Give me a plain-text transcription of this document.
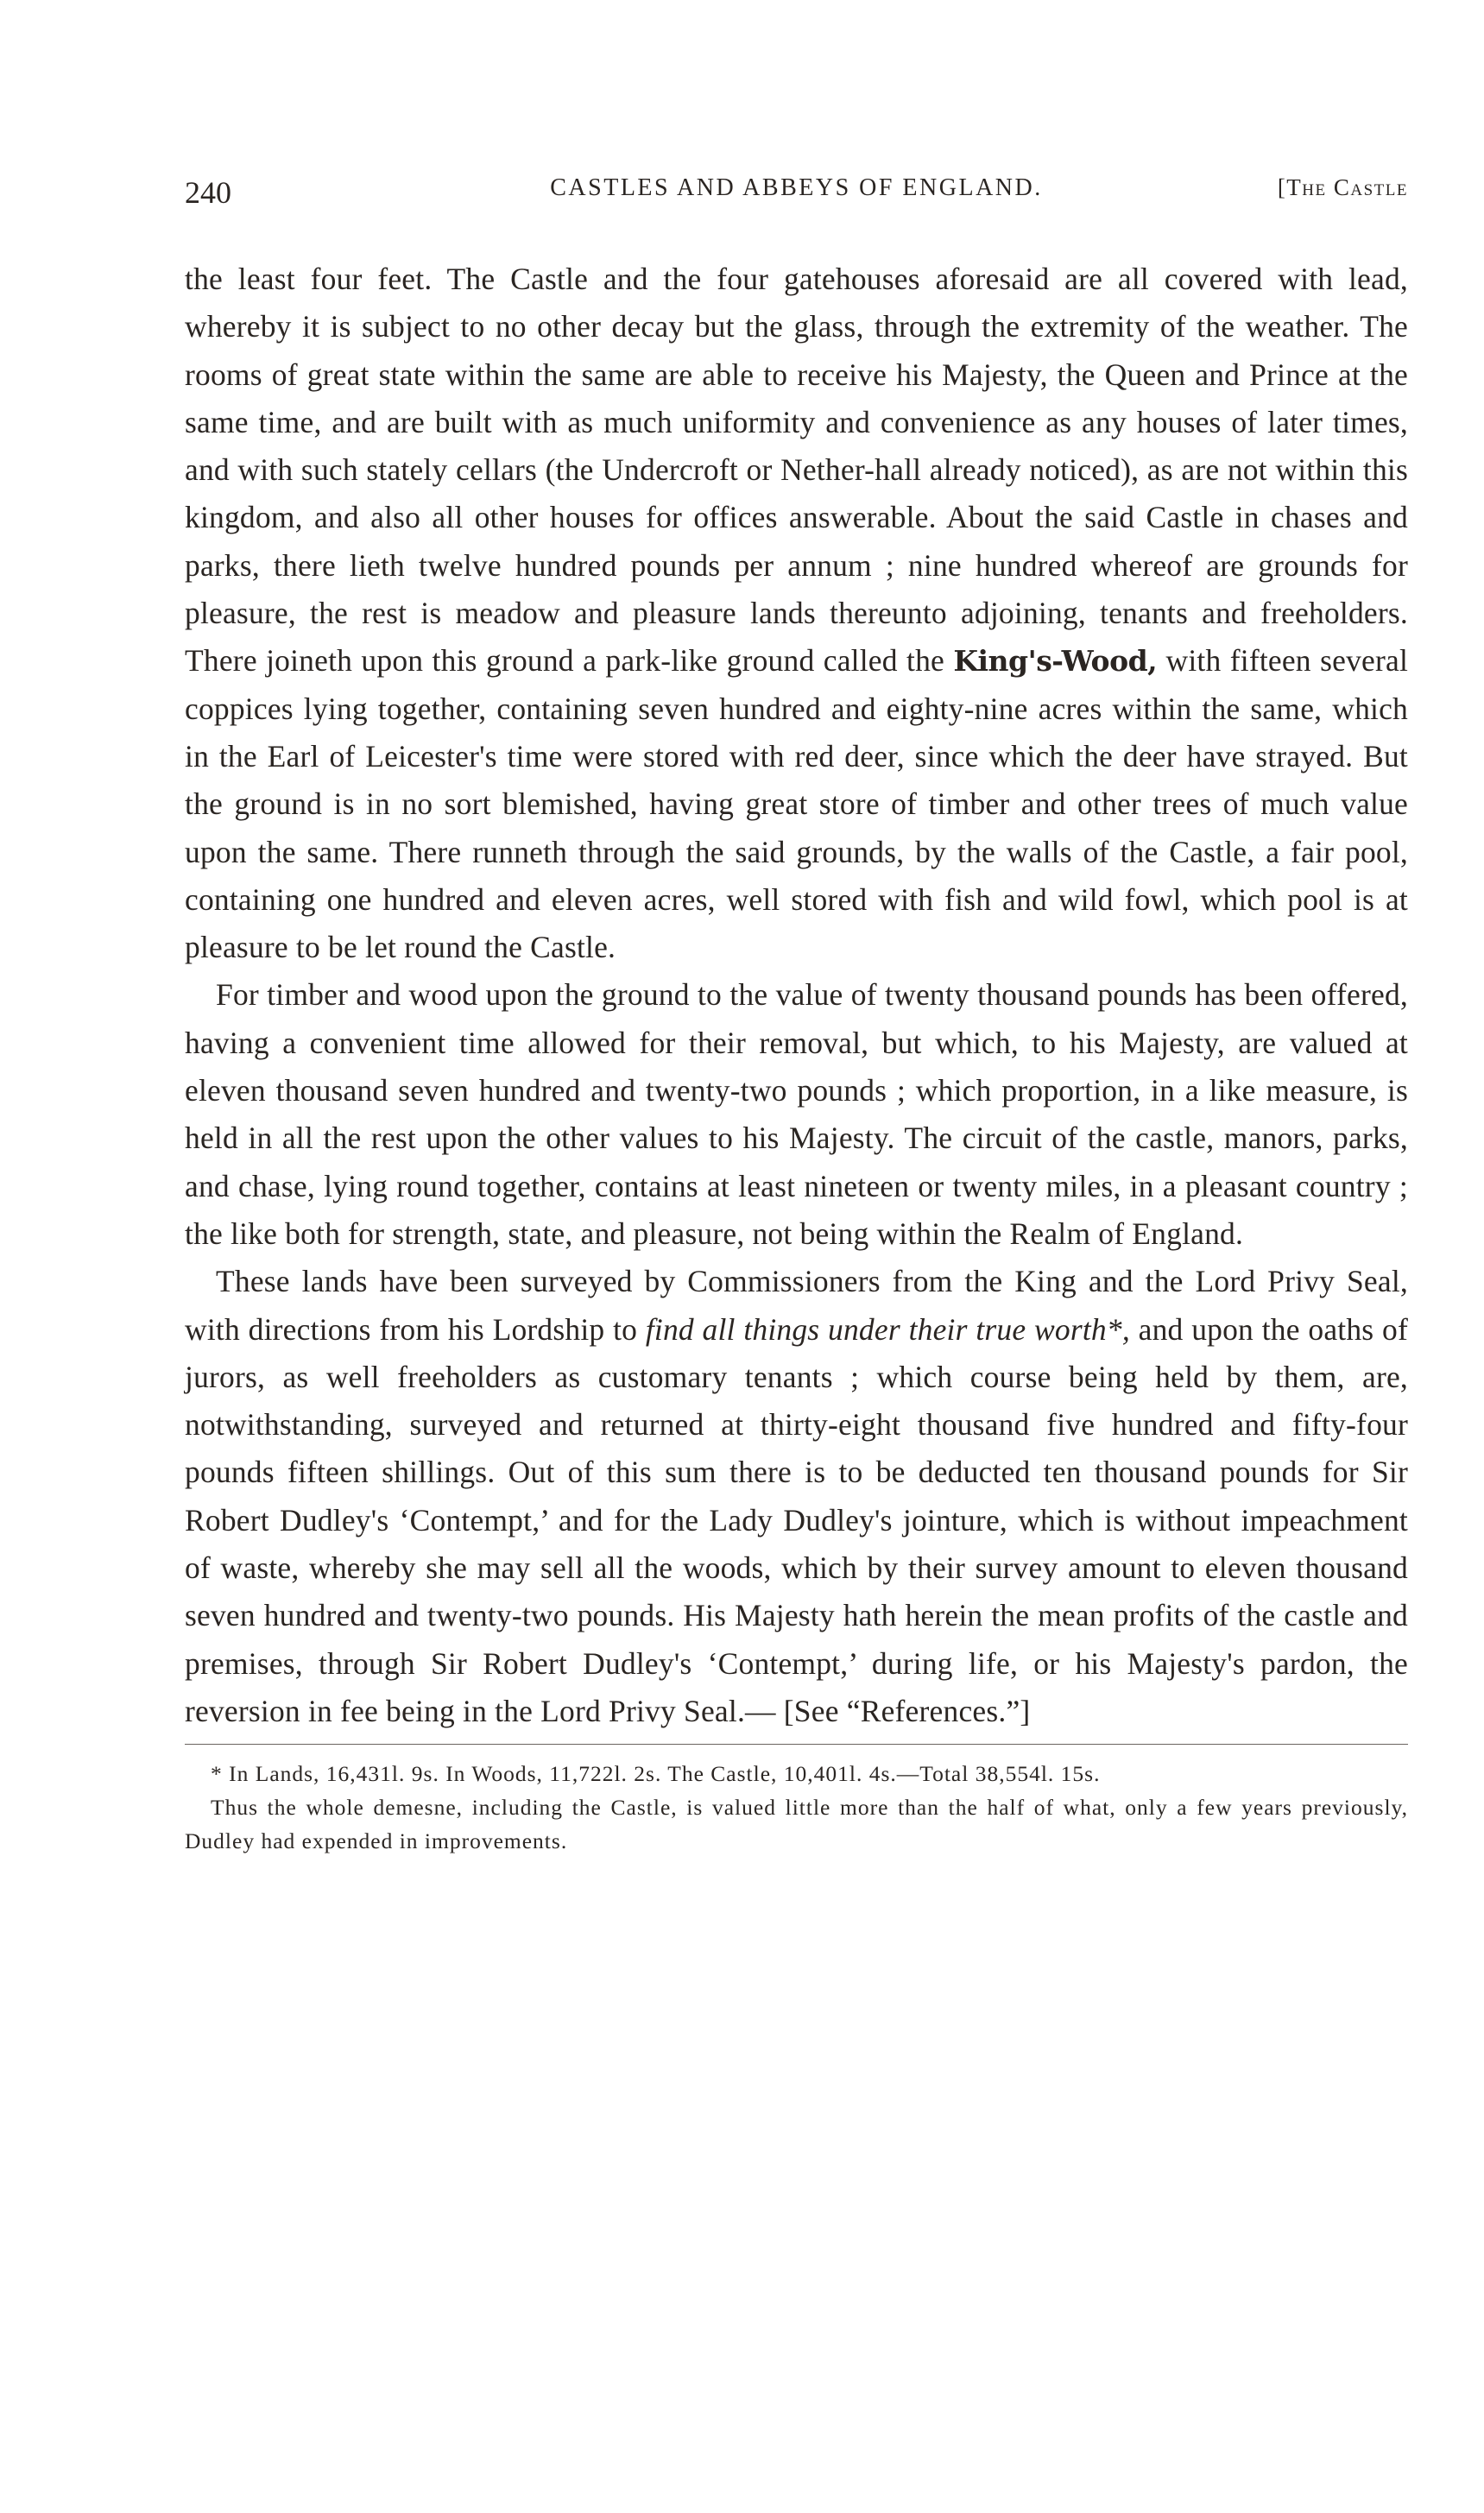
240	CASTLES AND ABBEYS OF ENGLAND.	[The Castle

the least four feet. The Castle and the four gatehouses aforesaid are all covered with lead, whereby it is subject to no other decay but the glass, through the extremity of the weather. The rooms of great state within the same are able to receive his Majesty, the Queen and Prince at the same time, and are built with as much uniformity and convenience as any houses of later times, and with such stately cellars (the Undercroft or Nether-hall already noticed), as are not within this kingdom, and also all other houses for offices answerable. About the said Castle in chases and parks, there lieth twelve hundred pounds per annum ; nine hundred whereof are grounds for pleasure, the rest is meadow and pleasure lands thereunto adjoining, tenants and freeholders. There joineth upon this ground a park-like ground called the King's-Wood, with fifteen several coppices lying together, containing seven hundred and eighty-nine acres within the same, which in the Earl of Leicester's time were stored with red deer, since which the deer have strayed. But the ground is in no sort blemished, having great store of timber and other trees of much value upon the same. There runneth through the said grounds, by the walls of the Castle, a fair pool, containing one hundred and eleven acres, well stored with fish and wild fowl, which pool is at pleasure to be let round the Castle.

For timber and wood upon the ground to the value of twenty thousand pounds has been offered, having a convenient time allowed for their removal, but which, to his Majesty, are valued at eleven thousand seven hundred and twenty-two pounds ; which proportion, in a like measure, is held in all the rest upon the other values to his Majesty. The circuit of the castle, manors, parks, and chase, lying round together, contains at least nineteen or twenty miles, in a pleasant country ; the like both for strength, state, and pleasure, not being within the Realm of England.

These lands have been surveyed by Commissioners from the King and the Lord Privy Seal, with directions from his Lordship to find all things under their true worth*, and upon the oaths of jurors, as well freeholders as customary tenants ; which course being held by them, are, notwithstanding, surveyed and returned at thirty-eight thousand five hundred and fifty-four pounds fifteen shillings. Out of this sum there is to be deducted ten thousand pounds for Sir Robert Dudley's ‘Contempt,’ and for the Lady Dudley's jointure, which is without impeachment of waste, whereby she may sell all the woods, which by their survey amount to eleven thousand seven hundred and twenty-two pounds. His Majesty hath herein the mean profits of the castle and premises, through Sir Robert Dudley's ‘Contempt,’ during life, or his Majesty's pardon, the reversion in fee being in the Lord Privy Seal.— [See “References.”]

* In Lands, 16,431l. 9s. In Woods, 11,722l. 2s. The Castle, 10,401l. 4s.—Total 38,554l. 15s.

Thus the whole demesne, including the Castle, is valued little more than the half of what, only a few years previously, Dudley had expended in improvements.
